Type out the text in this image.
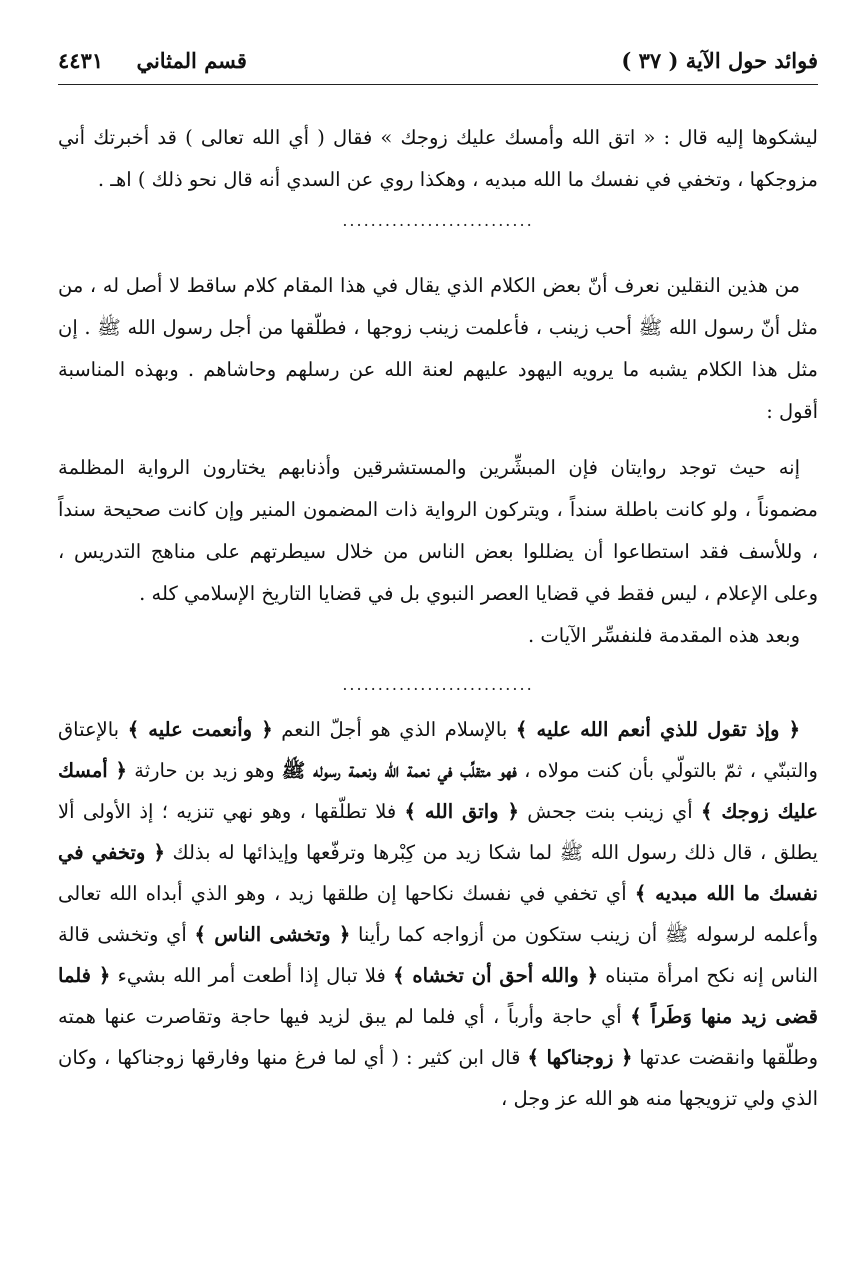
فوائد حول الآية ( ٣٧ )
قسم المثاني ٤٤٣١

ليشكوها إليه قال : « اتق الله وأمسك عليك زوجك » فقال ( أي الله تعالى ) قد أخبرتك أني مزوجكها ، وتخفي في نفسك ما الله مبديه ، وهكذا روي عن السدي أنه قال نحو ذلك ) اهـ .

...........................

من هذين النقلين نعرف أنّ بعض الكلام الذي يقال في هذا المقام كلام ساقط لا أصل له ، من مثل أنّ رسول الله ﷺ أحب زينب ، فأعلمت زينب زوجها ، فطلّقها من أجل رسول الله ﷺ . إن مثل هذا الكلام يشبه ما يرويه اليهود عليهم لعنة الله عن رسلهم وحاشاهم . وبهذه المناسبة أقول :

إنه حيث توجد روايتان فإن المبشِّرين والمستشرقين وأذنابهم يختارون الرواية المظلمة مضموناً ، ولو كانت باطلة سنداً ، ويتركون الرواية ذات المضمون المنير وإن كانت صحيحة سنداً ، وللأسف فقد استطاعوا أن يضللوا بعض الناس من خلال سيطرتهم على مناهج التدريس ، وعلى الإعلام ، ليس فقط في قضايا العصر النبوي بل في قضايا التاريخ الإسلامي كله .

وبعد هذه المقدمة فلنفسِّر الآيات .

...........................

﴿ وإذ تقول للذي أنعم الله عليه ﴾ بالإسلام الذي هو أجلّ النعم ﴿ وأنعمت عليه ﴾ بالإعتاق والتبنّي ، ثمّ بالتولّي بأن كنت مولاه ، فهو متقلِّب في نعمة الله ونعمة رسوله ﷺ وهو زيد بن حارثة ﴿ أمسك عليك زوجك ﴾ أي زينب بنت جحش ﴿ واتق الله ﴾ فلا تطلّقها ، وهو نهي تنزيه ؛ إذ الأولى ألا يطلق ، قال ذلك رسول الله ﷺ لما شكا زيد من كِبْرها وترفّعها وإيذائها له بذلك ﴿ وتخفي في نفسك ما الله مبديه ﴾ أي تخفي في نفسك نكاحها إن طلقها زيد ، وهو الذي أبداه الله تعالى وأعلمه لرسوله ﷺ أن زينب ستكون من أزواجه كما رأينا ﴿ وتخشى الناس ﴾ أي وتخشى قالة الناس إنه نكح امرأة متبناه ﴿ والله أحق أن تخشاه ﴾ فلا تبال إذا أطعت أمر الله بشيء ﴿ فلما قضى زيد منها وَطَراً ﴾ أي حاجة وأرباً ، أي فلما لم يبق لزيد فيها حاجة وتقاصرت عنها همته وطلّقها وانقضت عدتها ﴿ زوجناكها ﴾ قال ابن كثير : ( أي لما فرغ منها وفارقها زوجناكها ، وكان الذي ولي تزويجها منه هو الله عز وجل ،
